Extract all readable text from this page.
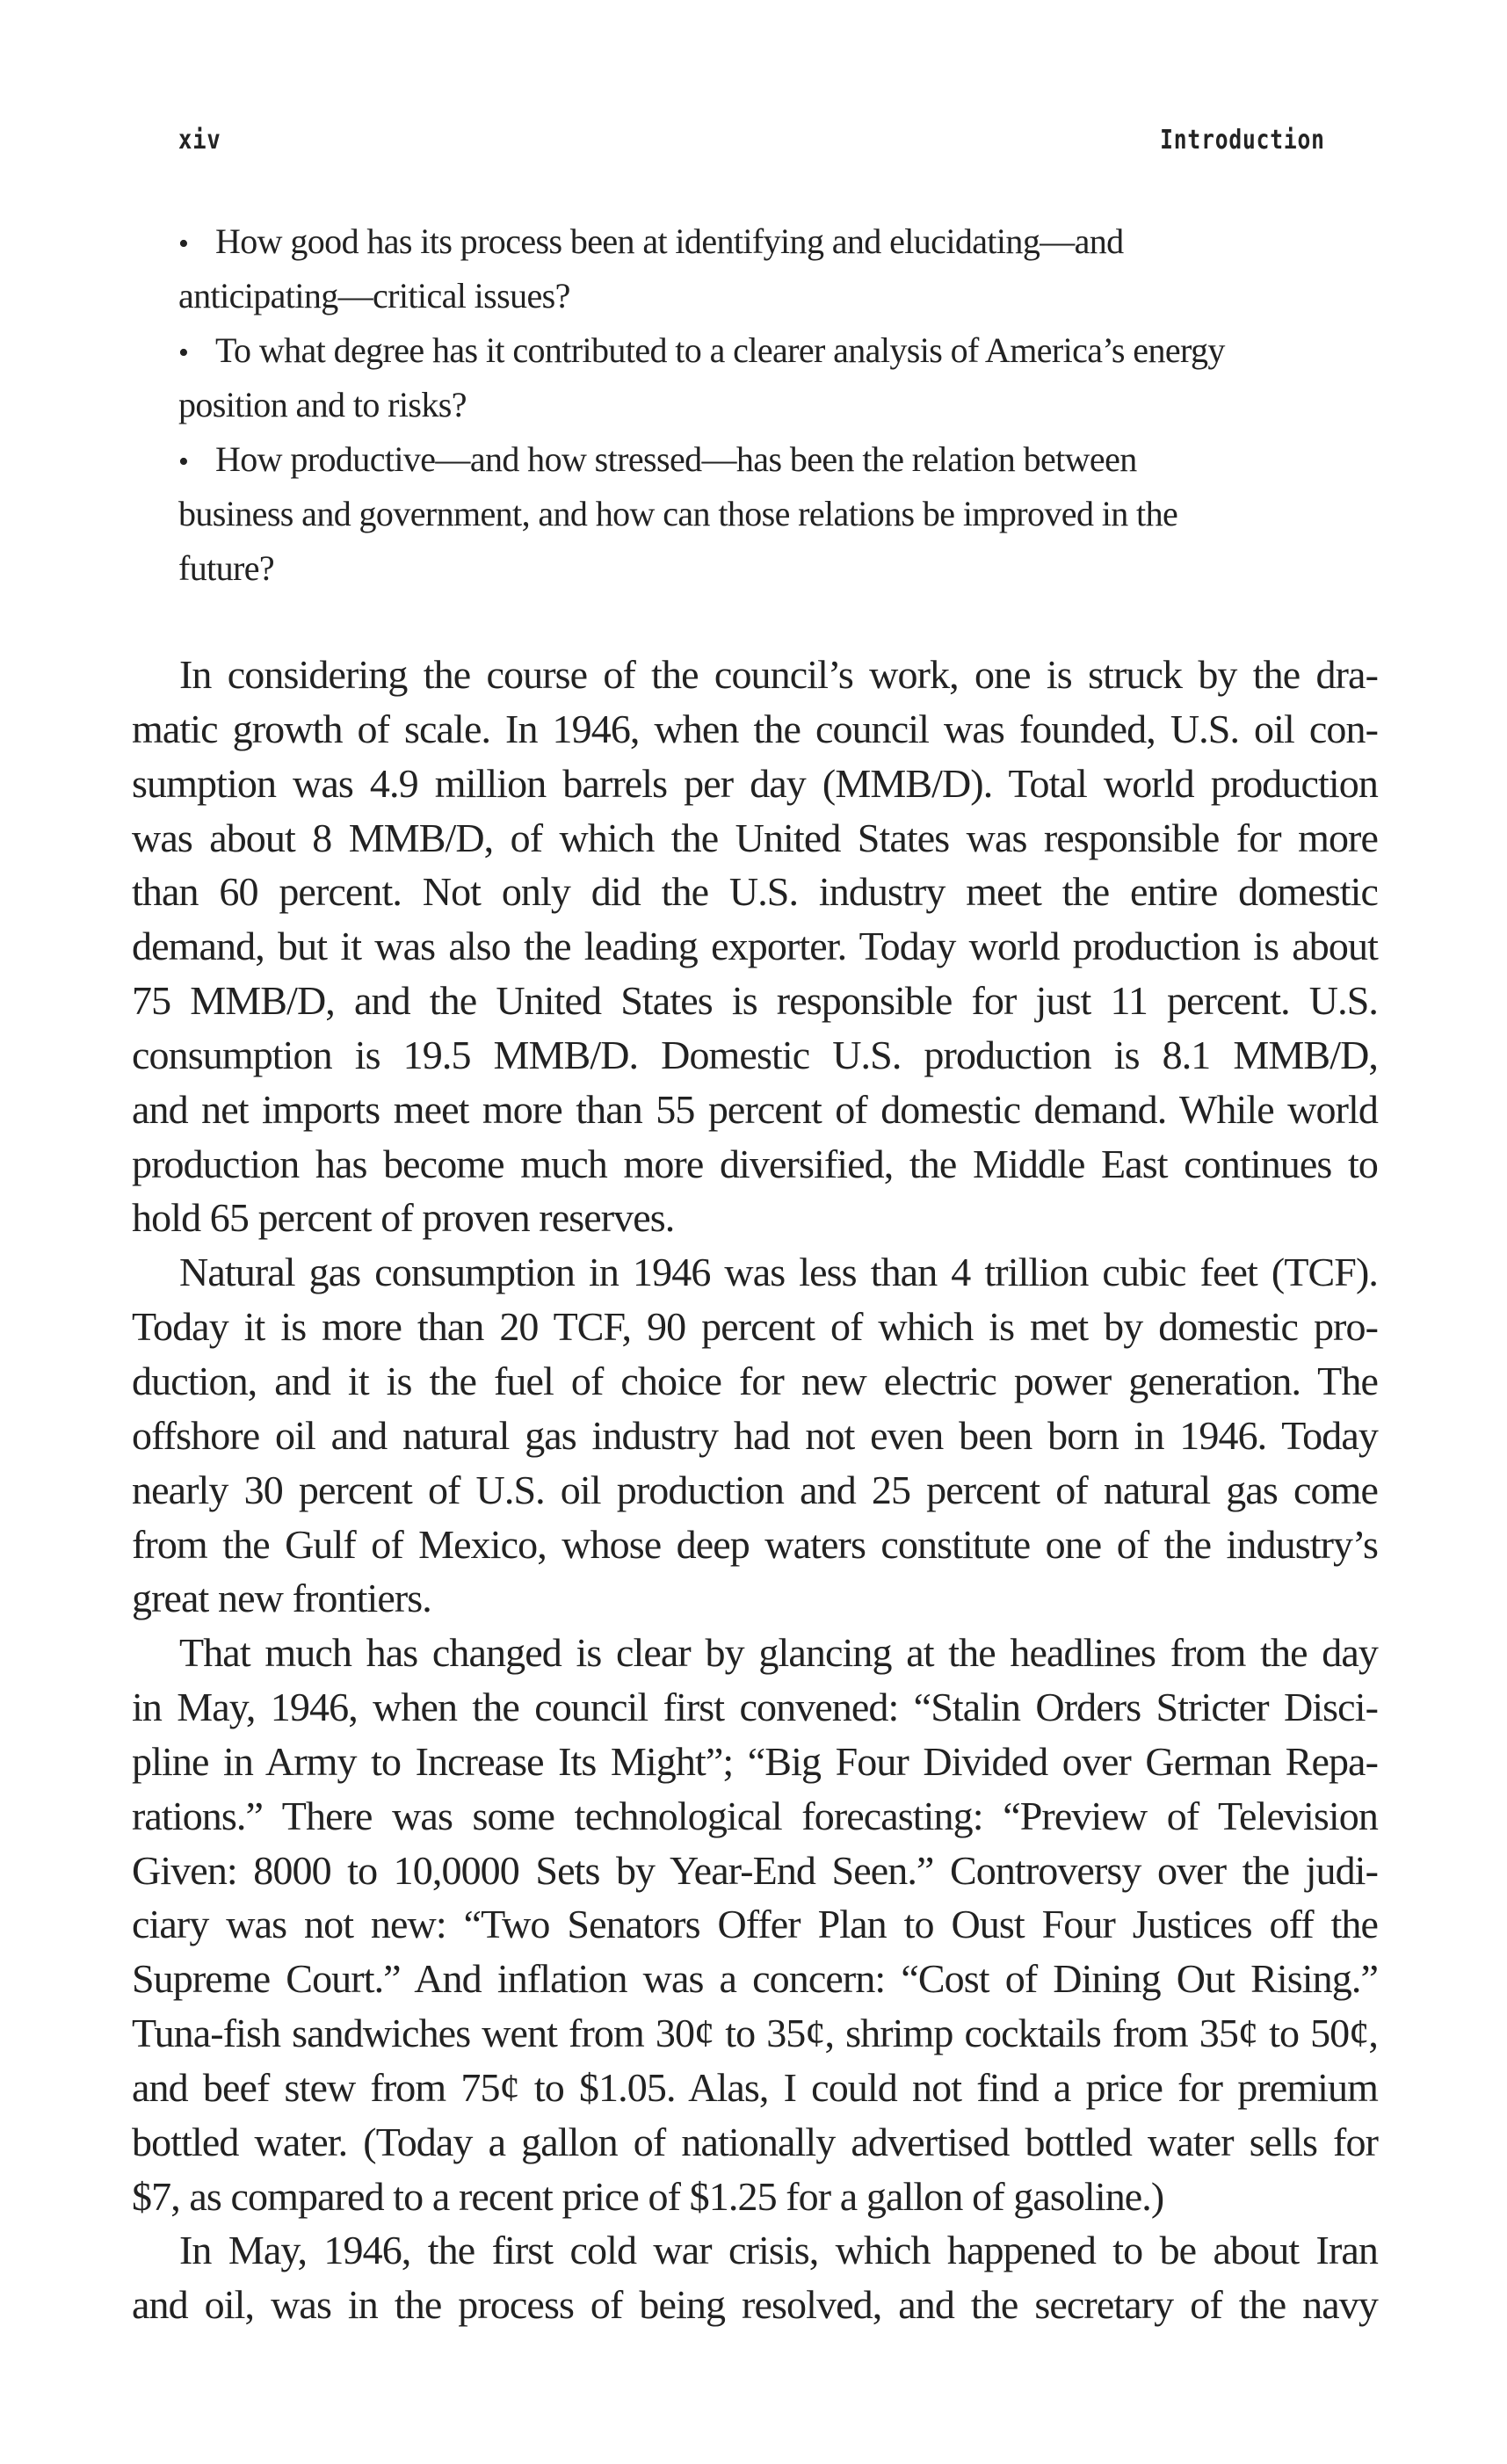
xiv	Introduction
• How good has its process been at identifying and elucidating—and
anticipating—critical issues?
• To what degree has it contributed to a clearer analysis of America’s energy
position and to risks?
• How productive—and how stressed—has been the relation between
business and government, and how can those relations be improved in the
future?
In considering the course of the council’s work, one is struck by the dra-
matic growth of scale. In 1946, when the council was founded, U.S. oil con-
sumption was 4.9 million barrels per day (MMB/D). Total world production
was about 8 MMB/D, of which the United States was responsible for more
than 60 percent. Not only did the U.S. industry meet the entire domestic
demand, but it was also the leading exporter. Today world production is about
75 MMB/D, and the United States is responsible for just 11 percent. U.S.
consumption is 19.5 MMB/D. Domestic U.S. production is 8.1 MMB/D,
and net imports meet more than 55 percent of domestic demand. While world
production has become much more diversified, the Middle East continues to
hold 65 percent of proven reserves.
Natural gas consumption in 1946 was less than 4 trillion cubic feet (TCF).
Today it is more than 20 TCF, 90 percent of which is met by domestic pro-
duction, and it is the fuel of choice for new electric power generation. The
offshore oil and natural gas industry had not even been born in 1946. Today
nearly 30 percent of U.S. oil production and 25 percent of natural gas come
from the Gulf of Mexico, whose deep waters constitute one of the industry’s
great new frontiers.
That much has changed is clear by glancing at the headlines from the day
in May, 1946, when the council first convened: “Stalin Orders Stricter Disci-
pline in Army to Increase Its Might”; “Big Four Divided over German Repa-
rations.” There was some technological forecasting: “Preview of Television
Given: 8000 to 10,0000 Sets by Year-End Seen.” Controversy over the judi-
ciary was not new: “Two Senators Offer Plan to Oust Four Justices off the
Supreme Court.” And inflation was a concern: “Cost of Dining Out Rising.”
Tuna-fish sandwiches went from 30¢ to 35¢, shrimp cocktails from 35¢ to 50¢,
and beef stew from 75¢ to $1.05. Alas, I could not find a price for premium
bottled water. (Today a gallon of nationally advertised bottled water sells for
$7, as compared to a recent price of $1.25 for a gallon of gasoline.)
In May, 1946, the first cold war crisis, which happened to be about Iran
and oil, was in the process of being resolved, and the secretary of the navy
